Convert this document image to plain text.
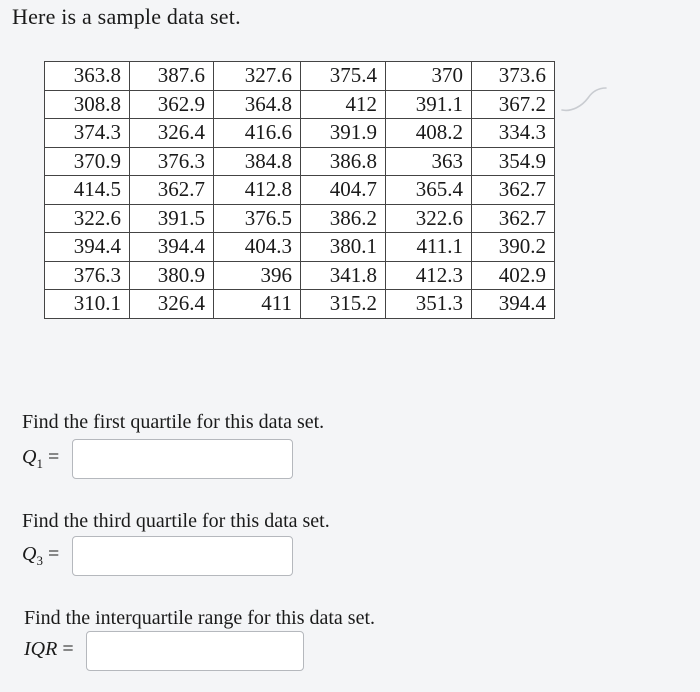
Here is a sample data set.
363.8	387.6	327.6	375.4	370	373.6
308.8	362.9	364.8	412	391.1	367.2
374.3	326.4	416.6	391.9	408.2	334.3
370.9	376.3	384.8	386.8	363	354.9
414.5	362.7	412.8	404.7	365.4	362.7
322.6	391.5	376.5	386.2	322.6	362.7
394.4	394.4	404.3	380.1	411.1	390.2
376.3	380.9	396	341.8	412.3	402.9
310.1	326.4	411	315.2	351.3	394.4
Find the first quartile for this data set.
$Q_1$ =
Find the third quartile for this data set.
$Q_3$ =
Find the interquartile range for this data set.
IQR =
